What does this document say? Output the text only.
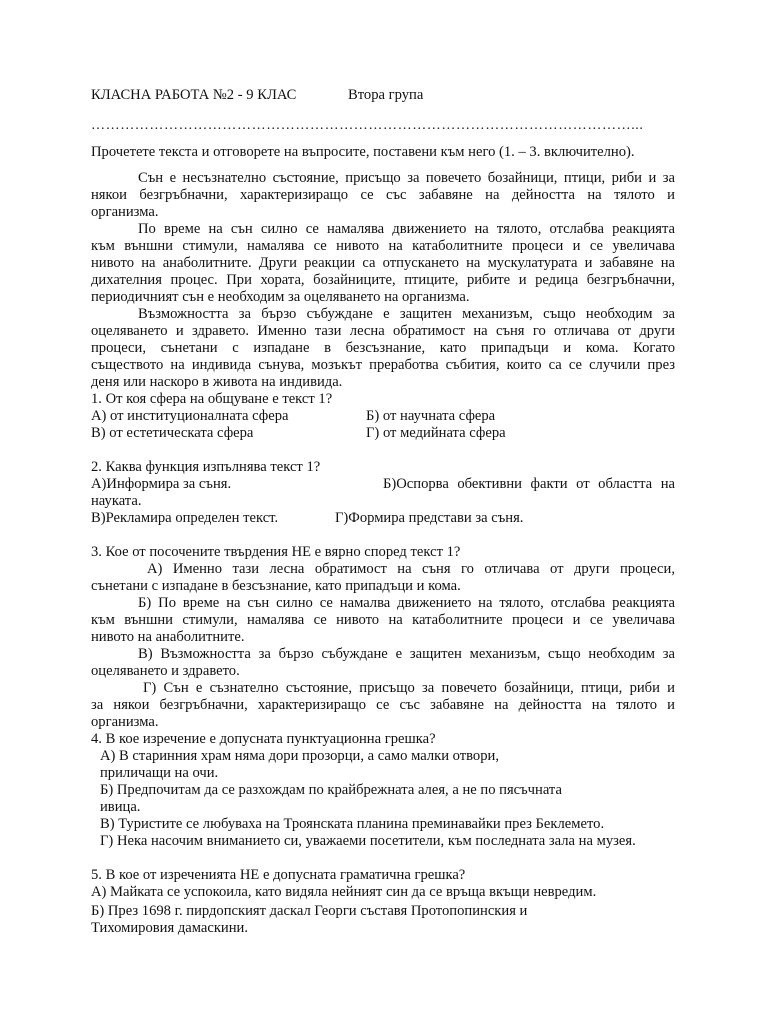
КЛАСНА РАБОТА №2 - 9 КЛАС	Втора група
…………………………………………………………………………………………………...
Прочетете текста и отговорете на въпросите, поставени към него (1. – 3. включително).
Сън е несъзнателно състояние, присъщо за повечето бозайници, птици, риби и за
някои безгръбначни, характеризиращо се със забавяне на дейността на тялото и
организма.
По време на сън силно се намалява движението на тялото, отслабва реакцията
към външни стимули, намалява се нивото на катаболитните процеси и се увеличава
нивото на анаболитните. Други реакции са отпускането на мускулатурата и забавяне на
дихателния процес. При хората, бозайниците, птиците, рибите и редица безгръбначни,
периодичният сън е необходим за оцеляването на организма.
Възможността за бързо събуждане е защитен механизъм, също необходим за
оцеляването и здравето. Именно тази лесна обратимост на съня го отличава от други
процеси, сънетани с изпадане в безсъзнание, като припадъци и кома. Когато
съществото на индивида сънува, мозъкът преработва събития, които са се случили през
деня или наскоро в живота на индивида.
1. От коя сфера на общуване е текст 1?
А) от институционалната сфера	Б) от научната сфера
В) от естетическата сфера	Г) от медийната сфера
2. Каква функция изпълнява текст 1?
А)Информира за съня.	Б)Оспорва обективни факти от областта на
науката.
В)Рекламира определен текст.	Г)Формира представи за съня.
3. Кое от посочените твърдения НЕ е вярно според текст 1?
А) Именно тази лесна обратимост на съня го отличава от други процеси,
сънетани с изпадане в безсъзнание, като припадъци и кома.
Б) По време на сън силно се намалва движението на тялото, отслабва реакцията
към външни стимули, намалява се нивото на катаболитните процеси и се увеличава
нивото на анаболитните.
В) Възможността за бързо събуждане е защитен механизъм, също необходим за
оцеляването и здравето.
Г) Сън е съзнателно състояние, присъщо за повечето бозайници, птици, риби и
за някои безгръбначни, характеризиращо се със забавяне на дейността на тялото и
организма.
4. В кое изречение е допусната пунктуационна грешка?
А) В старинния храм няма дори прозорци, а само малки отвори,
приличащи на очи.
Б) Предпочитам да се разхождам по крайбрежната алея, а не по пясъчната
ивица.
В) Туристите се любуваха на Троянската планина преминавайки през Беклемето.
Г) Нека насочим вниманието си, уважаеми посетители, към последната зала на музея.
5. В кое от изреченията НЕ е допусната граматична грешка?
А) Майката се успокоила, като видяла нейният син да се връща вкъщи невредим.
Б) През 1698 г. пирдопският даскал Георги съставя Протопопинския и
Тихомировия дамаскини.
